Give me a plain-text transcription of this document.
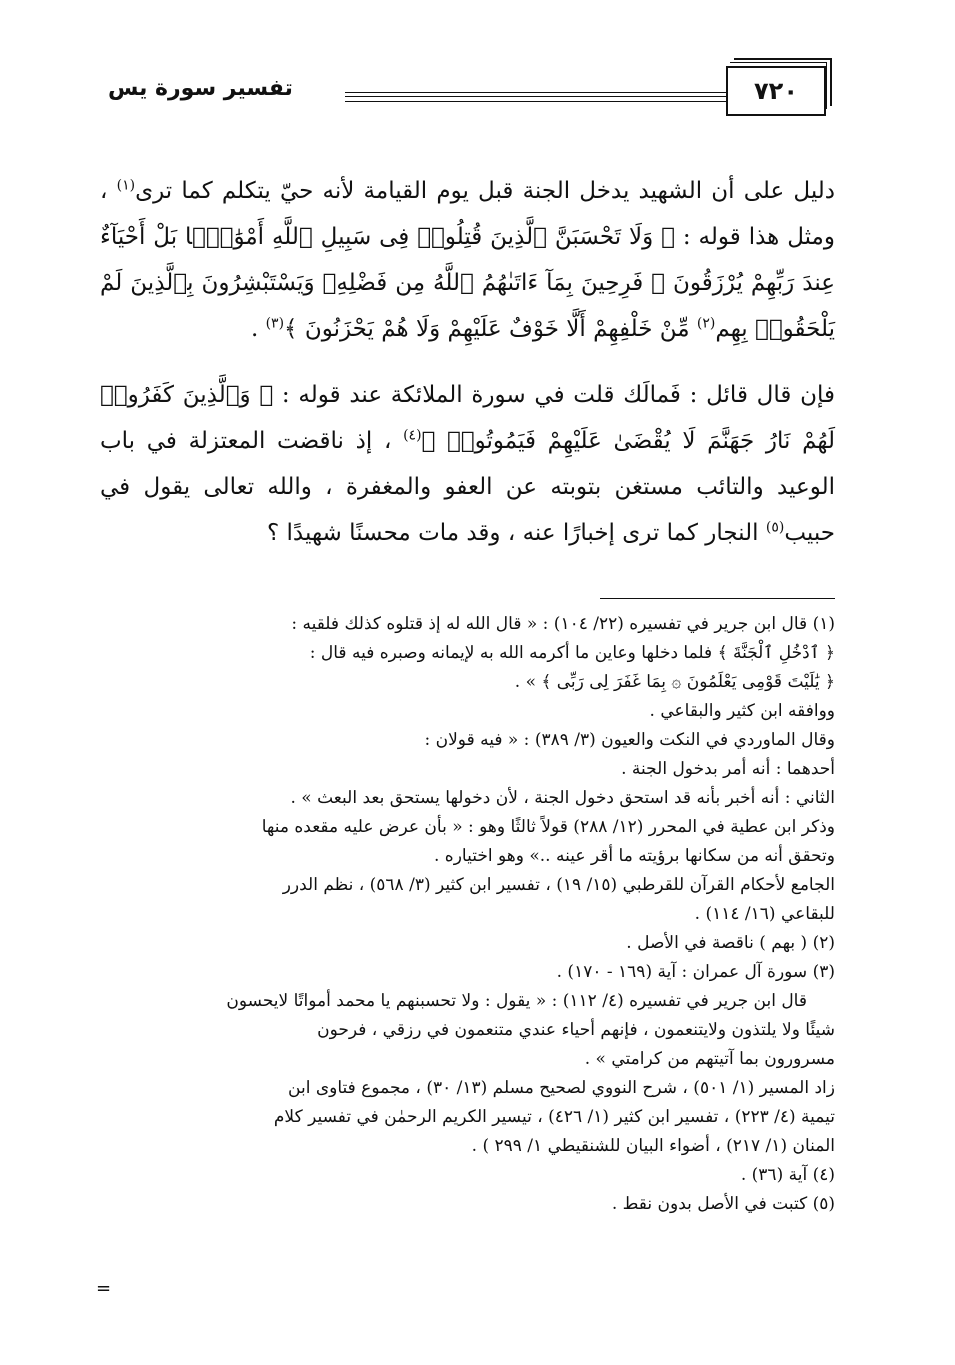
٧٢٠
تفسير سورة يس

دليل على أن الشهيد يدخل الجنة قبل يوم القيامة لأنه حيّ يتكلم كما ترى$^{(١)}$ ، ومثل هذا قوله : ﴿ وَلَا تَحْسَبَنَّ ٱلَّذِينَ قُتِلُوا۟ فِى سَبِيلِ ٱللَّهِ أَمْوَٰتًۢا بَلْ أَحْيَآءٌ عِندَ رَبِّهِمْ يُرْزَقُونَ ۞ فَرِحِينَ بِمَآ ءَاتَىٰهُمُ ٱللَّهُ مِن فَضْلِهِۦ وَيَسْتَبْشِرُونَ بِٱلَّذِينَ لَمْ يَلْحَقُوا۟ بِهِم$^{(٢)}$ مِّنْ خَلْفِهِمْ أَلَّا خَوْفٌ عَلَيْهِمْ وَلَا هُمْ يَحْزَنُونَ ﴾$^{(٣)}$ .

فإن قال قائل : فَمالَك قلت في سورة الملائكة عند قوله : ﴿ وَٱلَّذِينَ كَفَرُوا۟ لَهُمْ نَارُ جَهَنَّمَ لَا يُقْضَىٰ عَلَيْهِمْ فَيَمُوتُوا۟ ﴾$^{(٤)}$ ، إذ ناقضت المعتزلة في باب الوعيد والتائب مستغن بتوبته عن العفو والمغفرة ، والله تعالى يقول في حبيب$^{(٥)}$ النجار كما ترى إخبارًا عنه ، وقد مات محسنًا شهيدًا ؟

(١) قال ابن جرير في تفسيره (٢٢/ ١٠٤) : « قال الله له إذ قتلوه كذلك فلقيه :

﴿ ٱدْخُلِ ٱلْجَنَّةَ ﴾ فلما دخلها وعاين ما أكرمه الله به لإيمانه وصبره فيه قال :

﴿ يَٰلَيْتَ قَوْمِى يَعْلَمُونَ ۞ بِمَا غَفَرَ لِى رَبِّى ﴾ » .

ووافقه ابن كثير والبقاعي .

وقال الماوردي في النكت والعيون (٣/ ٣٨٩) : « فيه قولان :

أحدهما : أنه أمر بدخول الجنة .

الثاني : أنه أخبر بأنه قد استحق دخول الجنة ، لأن دخولها يستحق بعد البعث » .

وذكر ابن عطية في المحرر (١٢/ ٢٨٨) قولاً ثالثًا وهو : « بأن عرض عليه مقعده منها

وتحقق أنه من سكانها برؤيته ما أقر عينه ..» وهو اختياره .

الجامع لأحكام القرآن للقرطبي (١٥/ ١٩) ، تفسير ابن كثير (٣/ ٥٦٨) ، نظم الدرر

للبقاعي (١٦/ ١١٤) .

(٢) ( بهم ) ناقصة في الأصل .

(٣) سورة آل عمران : آية (١٦٩ - ١٧٠) .

قال ابن جرير في تفسيره (٤/ ١١٢) : « يقول : ولا تحسبنهم يا محمد أمواتًا لايحسون

شيئًا ولا يلتذون ولايتنعمون ، فإنهم أحياء عندي متنعمون في رزقي ، فرحون

مسرورون بما آتيتهم من كرامتي » .

زاد المسير (١/ ٥٠١) ، شرح النووي لصحيح مسلم (١٣/ ٣٠) ، مجموع فتاوى ابن

تيمية (٤/ ٢٢٣) ، تفسير ابن كثير (١/ ٤٢٦) ، تيسير الكريم الرحمٰن في تفسير كلام

المنان (١/ ٢١٧) ، أضواء البيان للشنقيطي ١/ ٢٩٩ ) .

(٤) آية (٣٦) .

(٥) كتبت في الأصل بدون نقط .

=
